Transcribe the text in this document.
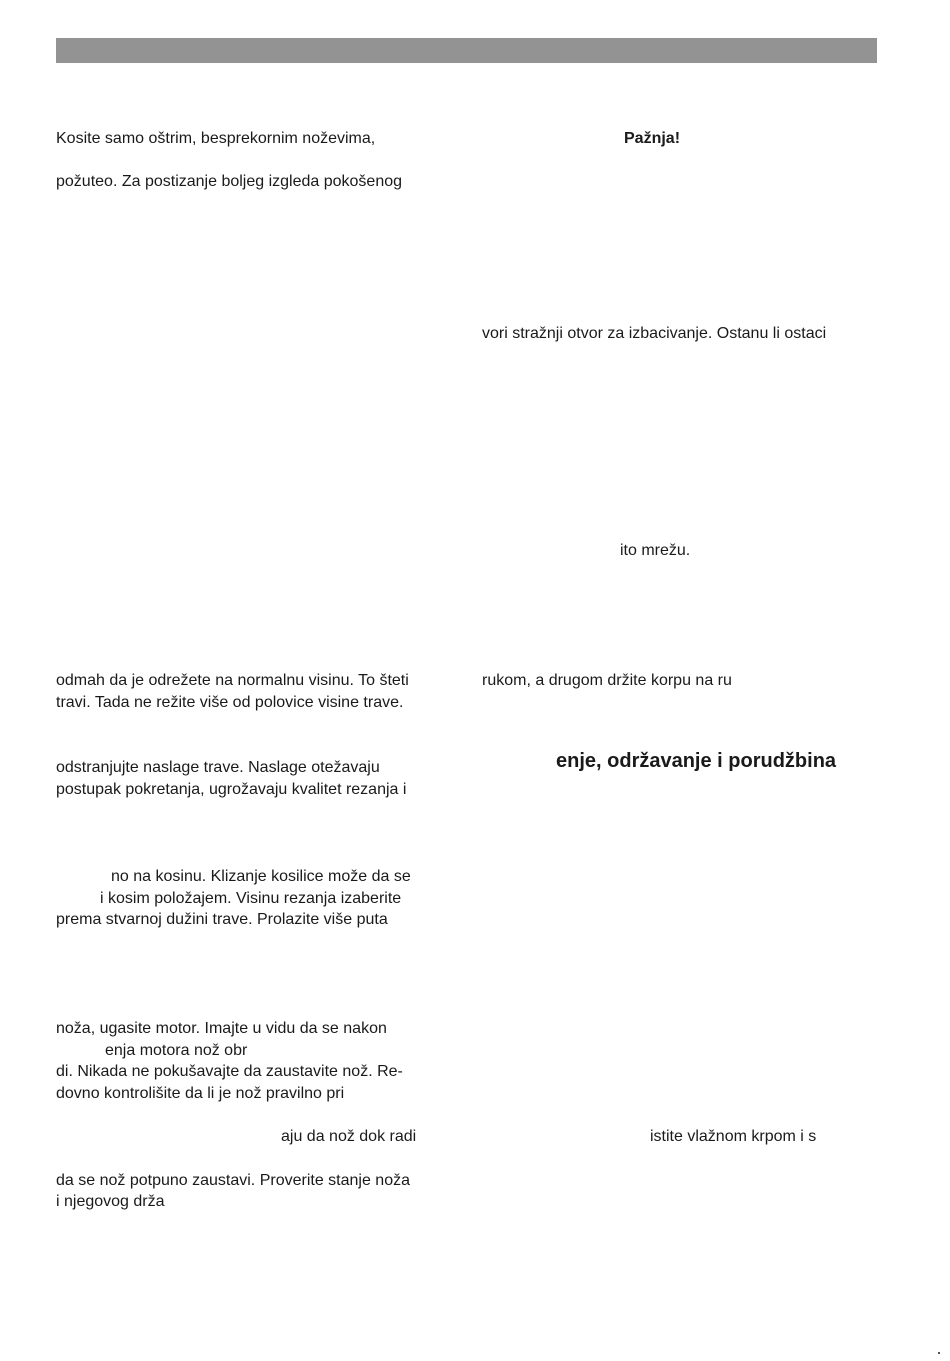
Kosite samo oštrim, besprekornim noževima,

požuteo. Za postizanje boljeg izgleda pokošenog

odmah da je odrežete na normalnu visinu. To šteti

travi. Tada ne režite više od polovice visine trave.

odstranjujte naslage trave. Naslage otežavaju

postupak pokretanja, ugrožavaju kvalitet rezanja i

no na kosinu. Klizanje kosilice može da se

i kosim položajem. Visinu rezanja izaberite

prema stvarnoj dužini trave. Prolazite više puta

noža, ugasite motor. Imajte u vidu da se nakon

enja motora nož obr

di. Nikada ne pokušavajte da zaustavite nož. Re-

dovno kontrolišite da li je nož pravilno pri

aju da nož dok radi

da se nož potpuno zaustavi. Proverite stanje noža

i njegovog drža

Pažnja!

vori stražnji otvor za izbacivanje. Ostanu li ostaci

ito mrežu.

rukom, a drugom držite korpu na ru

enje, održavanje i porudžbina

istite vlažnom krpom i s
